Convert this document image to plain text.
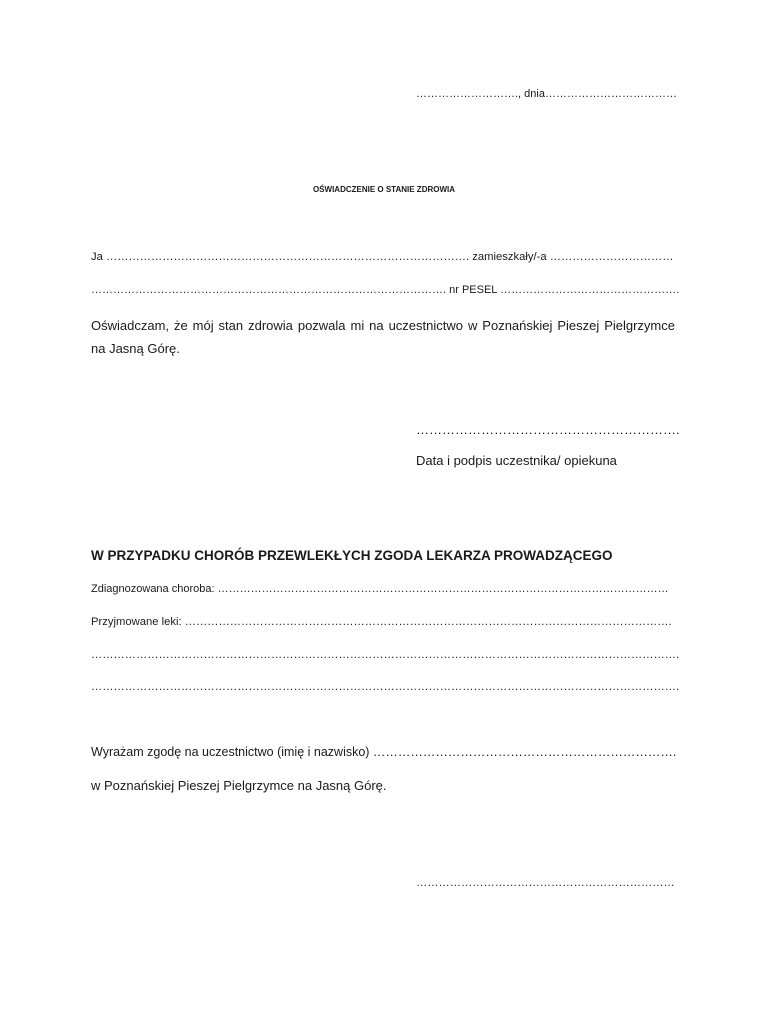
………………………., dnia………………………………
OŚWIADCZENIE O STANIE ZDROWIA
Ja ……………………………………………………………………………………. zamieszkały/-a ……………………………
……………………………………………………………………………………. nr PESEL ………………………………………….
Oświadczam, że mój stan zdrowia pozwala mi na uczestnictwo w Poznańskiej Pieszej Pielgrzymce na Jasną Górę.
…………………………………………………….
Data i podpis uczestnika/ opiekuna
W PRZYPADKU CHORÓB PRZEWLEKŁYCH ZGODA LEKARZA PROWADZĄCEGO
Zdiagnozowana choroba: ……………………………………………………………………………………………………………
Przyjmowane leki: ………………………………………………………………………………………………………………….
………………………………………………………………………………………………………………………………………….
………………………………………………………………………………………………………………………………………….
Wyrażam zgodę na uczestnictwo (imię i nazwisko) ……………………………………………………………….
w Poznańskiej Pieszej Pielgrzymce na Jasną Górę.
……………………………………………………………
